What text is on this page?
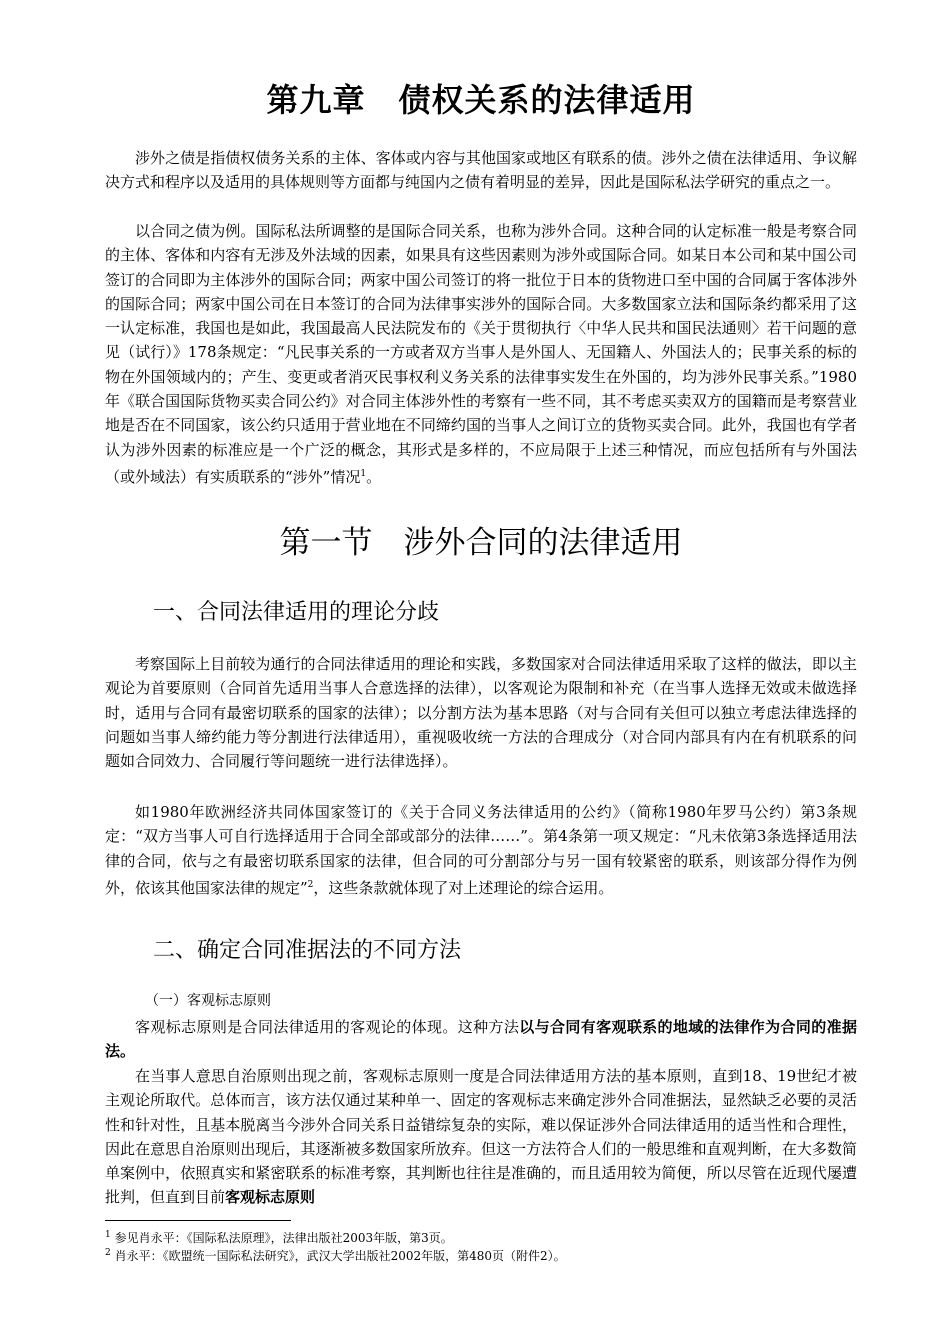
第九章　债权关系的法律适用

涉外之债是指债权债务关系的主体、客体或内容与其他国家或地区有联系的债。涉外之债在法律适用、争议解决方式和程序以及适用的具体规则等方面都与纯国内之债有着明显的差异，因此是国际私法学研究的重点之一。

以合同之债为例。国际私法所调整的是国际合同关系，也称为涉外合同。这种合同的认定标准一般是考察合同的主体、客体和内容有无涉及外法域的因素，如果具有这些因素则为涉外或国际合同。如某日本公司和某中国公司签订的合同即为主体涉外的国际合同；两家中国公司签订的将一批位于日本的货物进口至中国的合同属于客体涉外的国际合同；两家中国公司在日本签订的合同为法律事实涉外的国际合同。大多数国家立法和国际条约都采用了这一认定标准，我国也是如此，我国最高人民法院发布的《关于贯彻执行〈中华人民共和国民法通则〉若干问题的意见（试行）》178条规定：“凡民事关系的一方或者双方当事人是外国人、无国籍人、外国法人的；民事关系的标的物在外国领域内的；产生、变更或者消灭民事权利义务关系的法律事实发生在外国的，均为涉外民事关系。”1980年《联合国国际货物买卖合同公约》对合同主体涉外性的考察有一些不同，其不考虑买卖双方的国籍而是考察营业地是否在不同国家，该公约只适用于营业地在不同缔约国的当事人之间订立的货物买卖合同。此外，我国也有学者认为涉外因素的标准应是一个广泛的概念，其形式是多样的，不应局限于上述三种情况，而应包括所有与外国法（或外域法）有实质联系的“涉外”情况$^1$。

第一节　涉外合同的法律适用
一、合同法律适用的理论分歧

考察国际上目前较为通行的合同法律适用的理论和实践，多数国家对合同法律适用采取了这样的做法，即以主观论为首要原则（合同首先适用当事人合意选择的法律），以客观论为限制和补充（在当事人选择无效或未做选择时，适用与合同有最密切联系的国家的法律）；以分割方法为基本思路（对与合同有关但可以独立考虑法律选择的问题如当事人缔约能力等分割进行法律适用），重视吸收统一方法的合理成分（对合同内部具有内在有机联系的问题如合同效力、合同履行等问题统一进行法律选择）。

如1980年欧洲经济共同体国家签订的《关于合同义务法律适用的公约》（简称1980年罗马公约）第3条规定：“双方当事人可自行选择适用于合同全部或部分的法律……”。第4条第一项又规定：“凡未依第3条选择适用法律的合同，依与之有最密切联系国家的法律，但合同的可分割部分与另一国有较紧密的联系，则该部分得作为例外，依该其他国家法律的规定”$^2$，这些条款就体现了对上述理论的综合运用。

二、确定合同准据法的不同方法

（一）客观标志原则

客观标志原则是合同法律适用的客观论的体现。这种方法以与合同有客观联系的地域的法律作为合同的准据法。

在当事人意思自治原则出现之前，客观标志原则一度是合同法律适用方法的基本原则，直到18、19世纪才被主观论所取代。总体而言，该方法仅通过某种单一、固定的客观标志来确定涉外合同准据法，显然缺乏必要的灵活性和针对性，且基本脱离当今涉外合同关系日益错综复杂的实际，难以保证涉外合同法律适用的适当性和合理性，因此在意思自治原则出现后，其逐渐被多数国家所放弃。但这一方法符合人们的一般思维和直观判断，在大多数简单案例中，依照真实和紧密联系的标准考察，其判断也往往是准确的，而且适用较为简便，所以尽管在近现代屡遭批判，但直到目前客观标志原则

$^1$ 参见肖永平：《国际私法原理》，法律出版社2003年版，第3页。

$^2$ 肖永平：《欧盟统一国际私法研究》，武汉大学出版社2002年版，第480页（附件2）。
